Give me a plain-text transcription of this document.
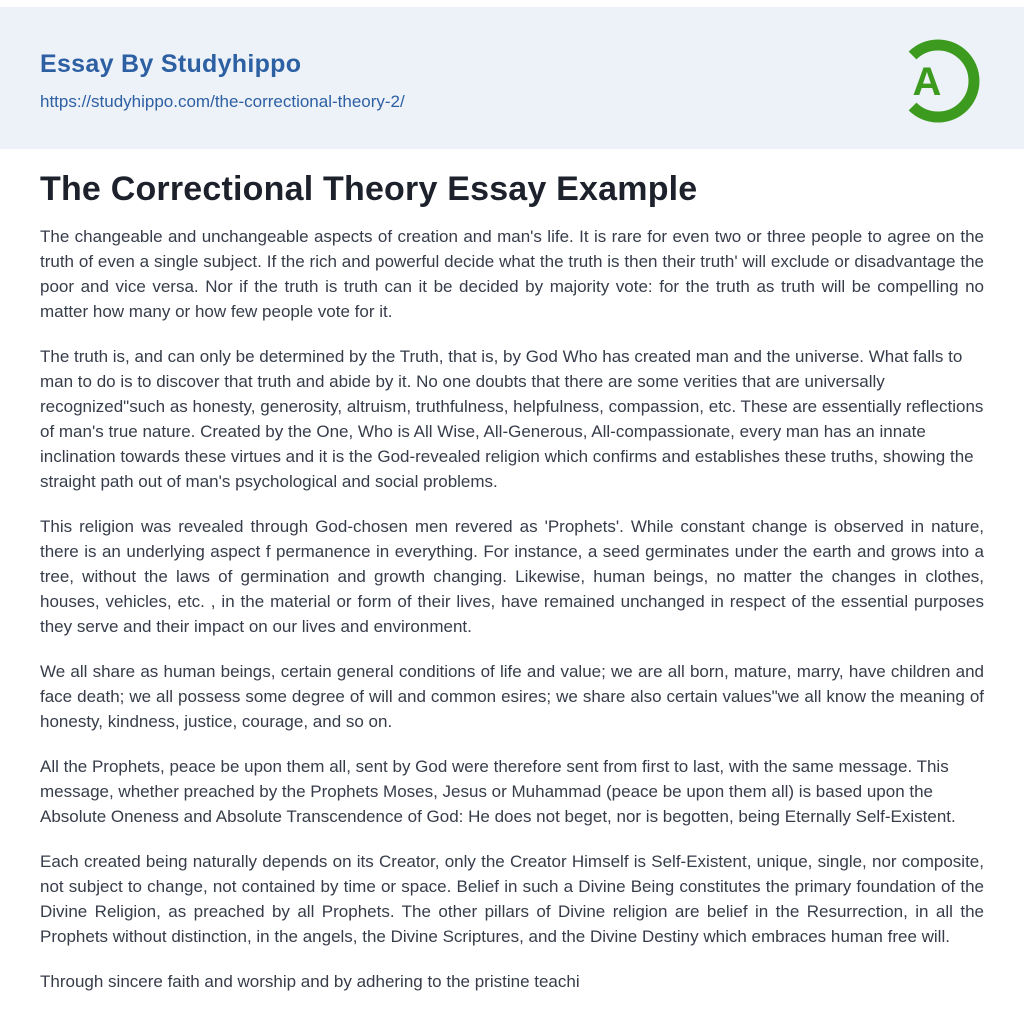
Essay By Studyhippo
https://studyhippo.com/the-correctional-theory-2/	A
The Correctional Theory Essay Example

The changeable and unchangeable aspects of creation and man's life. It is rare for even two or three people to agree on the truth of even a single subject. If the rich and powerful decide what the truth is then their truth' will exclude or disadvantage the poor and vice versa. Nor if the truth is truth can it be decided by majority vote: for the truth as truth will be compelling no matter how many or how few people vote for it.

The truth is, and can only be determined by the Truth, that is, by God Who has created man and the universe. What falls to man to do is to discover that truth and abide by it. No one doubts that there are some verities that are universally recognized"such as honesty, generosity, altruism, truthfulness, helpfulness, compassion, etc. These are essentially reflections of man's true nature. Created by the One, Who is All Wise, All-Generous, All-compassionate, every man has an innate inclination towards these virtues and it is the God-revealed religion which confirms and establishes these truths, showing the straight path out of man's psychological and social problems.

This religion was revealed through God-chosen men revered as 'Prophets'. While constant change is observed in nature, there is an underlying aspect f permanence in everything. For instance, a seed germinates under the earth and grows into a tree, without the laws of germination and growth changing. Likewise, human beings, no matter the changes in clothes, houses, vehicles, etc. , in the material or form of their lives, have remained unchanged in respect of the essential purposes they serve and their impact on our lives and environment.

We all share as human beings, certain general conditions of life and value; we are all born, mature, marry, have children and face death; we all possess some degree of will and common esires; we share also certain values"we all know the meaning of honesty, kindness, justice, courage, and so on.

All the Prophets, peace be upon them all, sent by God were therefore sent from first to last, with the same message. This message, whether preached by the Prophets Moses, Jesus or Muhammad (peace be upon them all) is based upon the Absolute Oneness and Absolute Transcendence of God: He does not beget, nor is begotten, being Eternally Self-Existent.

Each created being naturally depends on its Creator, only the Creator Himself is Self-Existent, unique, single, nor composite, not subject to change, not contained by time or space. Belief in such a Divine Being constitutes the primary foundation of the Divine Religion, as preached by all Prophets. The other pillars of Divine religion are belief in the Resurrection, in all the Prophets without distinction, in the angels, the Divine Scriptures, and the Divine Destiny which embraces human free will.

Through sincere faith and worship and by adhering to the pristine teachi
